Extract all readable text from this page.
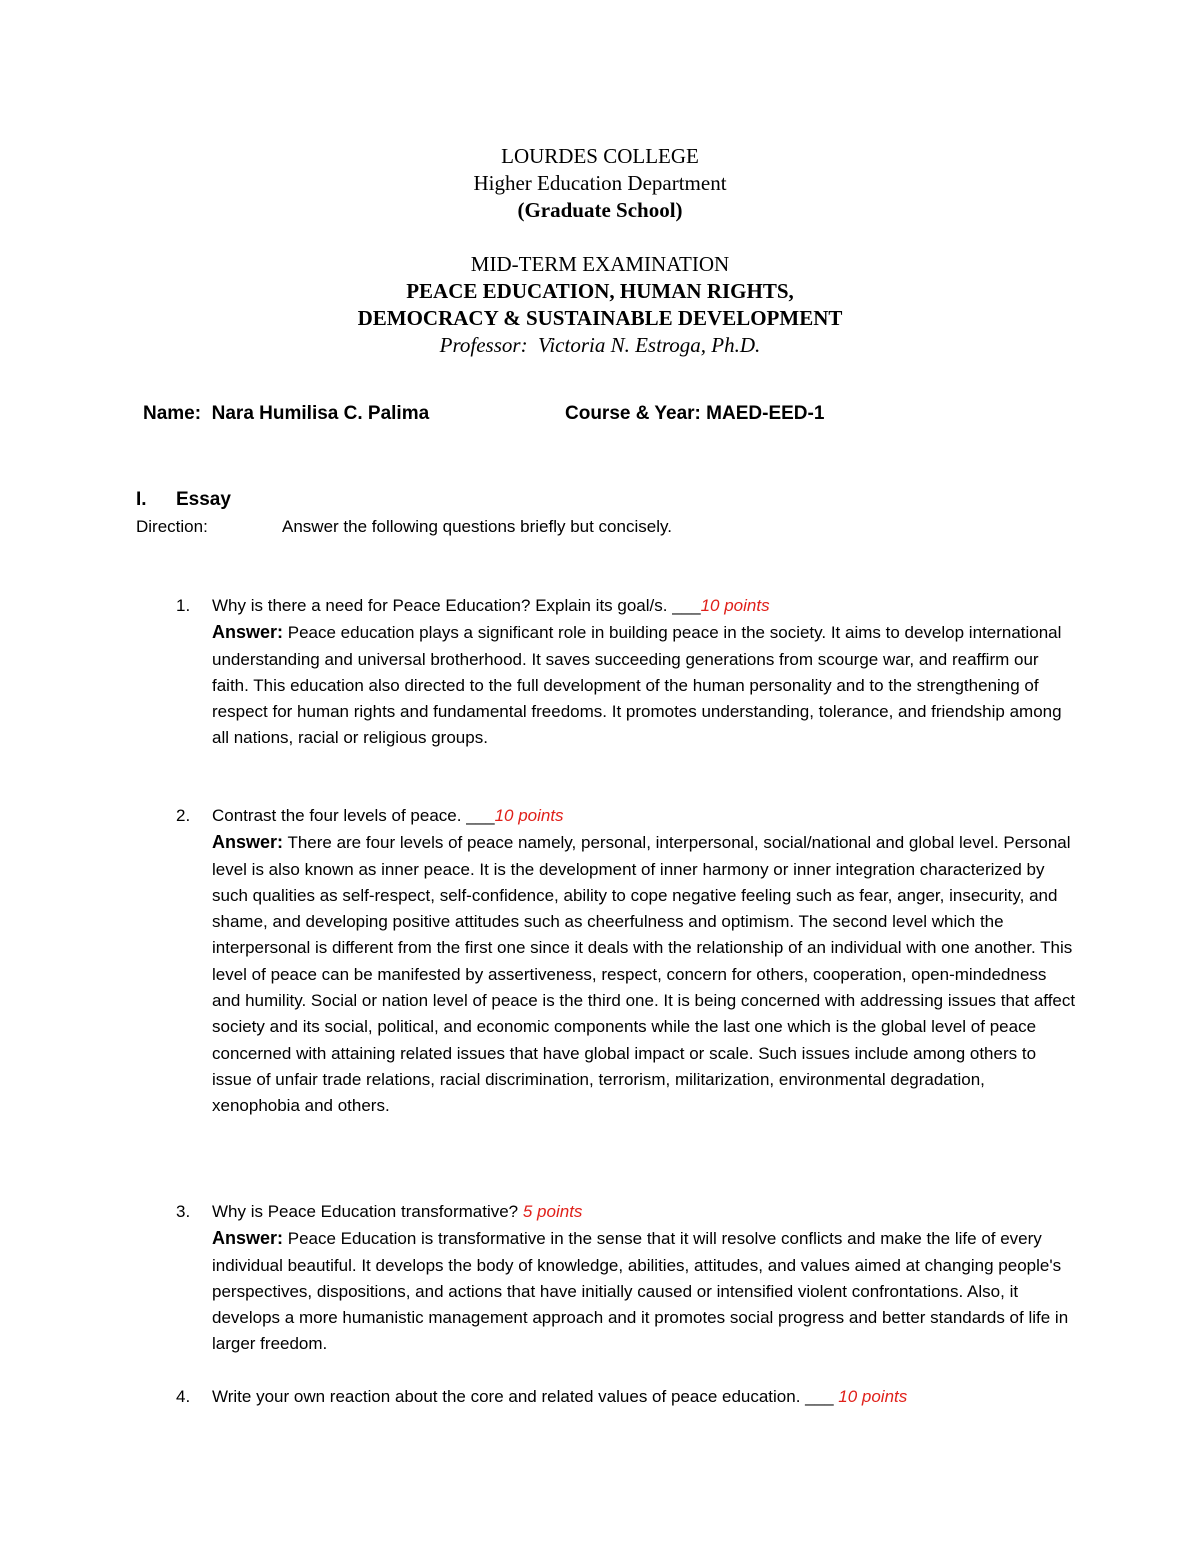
LOURDES COLLEGE
Higher Education Department
(Graduate School)
MID-TERM EXAMINATION
PEACE EDUCATION, HUMAN RIGHTS,
DEMOCRACY & SUSTAINABLE DEVELOPMENT
Professor:  Victoria N. Estroga, Ph.D.
Name: Nara Humilisa C. Palima	Course & Year: MAED-EED-1
I. Essay
Direction:	Answer the following questions briefly but concisely.
1. Why is there a need for Peace Education? Explain its goal/s. ___10 points
Answer: Peace education plays a significant role in building peace in the society. It aims to develop international understanding and universal brotherhood. It saves succeeding generations from scourge war, and reaffirm our faith. This education also directed to the full development of the human personality and to the strengthening of respect for human rights and fundamental freedoms. It promotes understanding, tolerance, and friendship among all nations, racial or religious groups.
2. Contrast the four levels of peace. ___10 points
Answer: There are four levels of peace namely, personal, interpersonal, social/national and global level. Personal level is also known as inner peace. It is the development of inner harmony or inner integration characterized by such qualities as self-respect, self-confidence, ability to cope negative feeling such as fear, anger, insecurity, and shame, and developing positive attitudes such as cheerfulness and optimism. The second level which the interpersonal is different from the first one since it deals with the relationship of an individual with one another. This level of peace can be manifested by assertiveness, respect, concern for others, cooperation, open-mindedness and humility. Social or nation level of peace is the third one. It is being concerned with addressing issues that affect society and its social, political, and economic components while the last one which is the global level of peace concerned with attaining related issues that have global impact or scale. Such issues include among others to issue of unfair trade relations, racial discrimination, terrorism, militarization, environmental degradation, xenophobia and others.
3. Why is Peace Education transformative? 5 points
Answer: Peace Education is transformative in the sense that it will resolve conflicts and make the life of every individual beautiful. It develops the body of knowledge, abilities, attitudes, and values aimed at changing people's perspectives, dispositions, and actions that have initially caused or intensified violent confrontations. Also, it develops a more humanistic management approach and it promotes social progress and better standards of life in larger freedom.
4. Write your own reaction about the core and related values of peace education. ___ 10 points
